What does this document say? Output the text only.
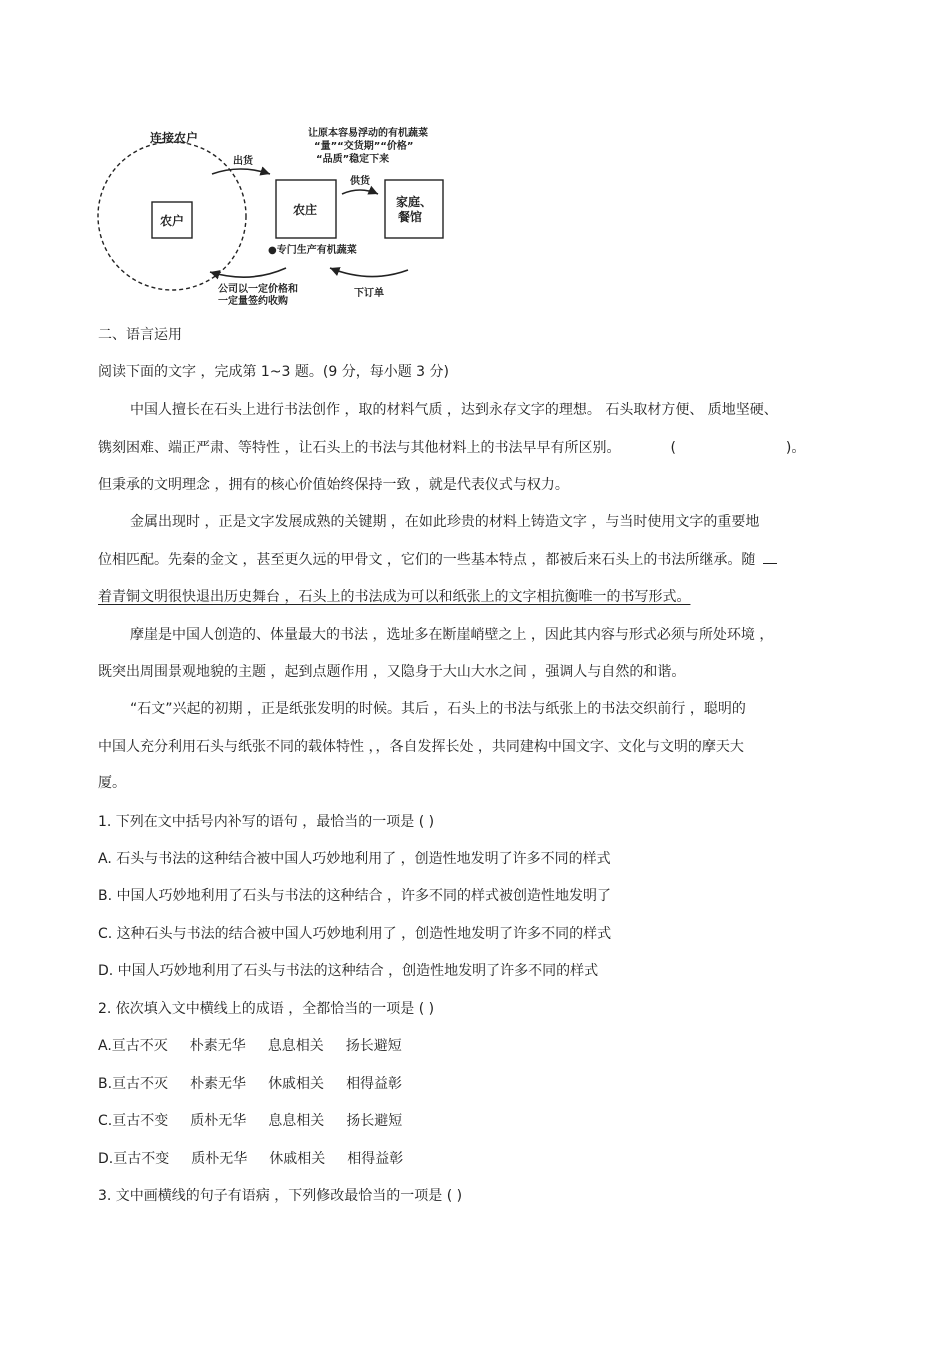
连接农户
农户
农庄
家庭、
餐馆
出货
供货
让原本容易浮动的有机蔬菜
“量”“交货期”“价格”
“品质”稳定下来
●专门生产有机蔬菜
下订单
公司以一定价格和
一定量签约收购
二、语言运用
阅读下面的文字 ，完成第 1~3 题。(9 分，每小题 3 分)
中国人擅长在石头上进行书法创作 ，取的材料气质 ，达到永存文字的理想。 石头取材方便、 质地坚硬、
镌刻困难、端正严肃、等特性 ，让石头上的书法与其他材料上的书法早早有所区别。	(	)。
但秉承的文明理念 ，拥有的核心价值始终保持一致 ，就是代表仪式与权力。
金属出现时 ，正是文字发展成熟的关键期 ，在如此珍贵的材料上铸造文字 ，与当时使用文字的重要地
位相匹配。先秦的金文 ，甚至更久远的甲骨文 ，它们的一些基本特点 ，都被后来石头上的书法所继承。随
着青铜文明很快退出历史舞台 ，石头上的书法成为可以和纸张上的文字相抗衡唯一的书写形式。
摩崖是中国人创造的、体量最大的书法 ，选址多在断崖峭壁之上 ，因此其内容与形式必须与所处环境 ，
既突出周围景观地貌的主题 ，起到点题作用 ，又隐身于大山大水之间 ，强调人与自然的和谐。
“石文”兴起的初期 ，正是纸张发明的时候。其后 ，石头上的书法与纸张上的书法交织前行 ，聪明的
中国人充分利用石头与纸张不同的载体特性 ，，各自发挥长处 ，共同建构中国文字、文化与文明的摩天大
厦。
1. 下列在文中括号内补写的语句 ，最恰当的一项是 ( )
A. 石头与书法的这种结合被中国人巧妙地利用了 ，创造性地发明了许多不同的样式
B. 中国人巧妙地利用了石头与书法的这种结合 ，许多不同的样式被创造性地发明了
C. 这种石头与书法的结合被中国人巧妙地利用了 ，创造性地发明了许多不同的样式
D. 中国人巧妙地利用了石头与书法的这种结合 ，创造性地发明了许多不同的样式
2. 依次填入文中横线上的成语 ，全都恰当的一项是 ( )
A.亘古不灭 朴素无华 息息相关 扬长避短
B.亘古不灭 朴素无华 休戚相关 相得益彰
C.亘古不变 质朴无华 息息相关 扬长避短
D.亘古不变 质朴无华 休戚相关 相得益彰
3. 文中画横线的句子有语病 ，下列修改最恰当的一项是 ( )
